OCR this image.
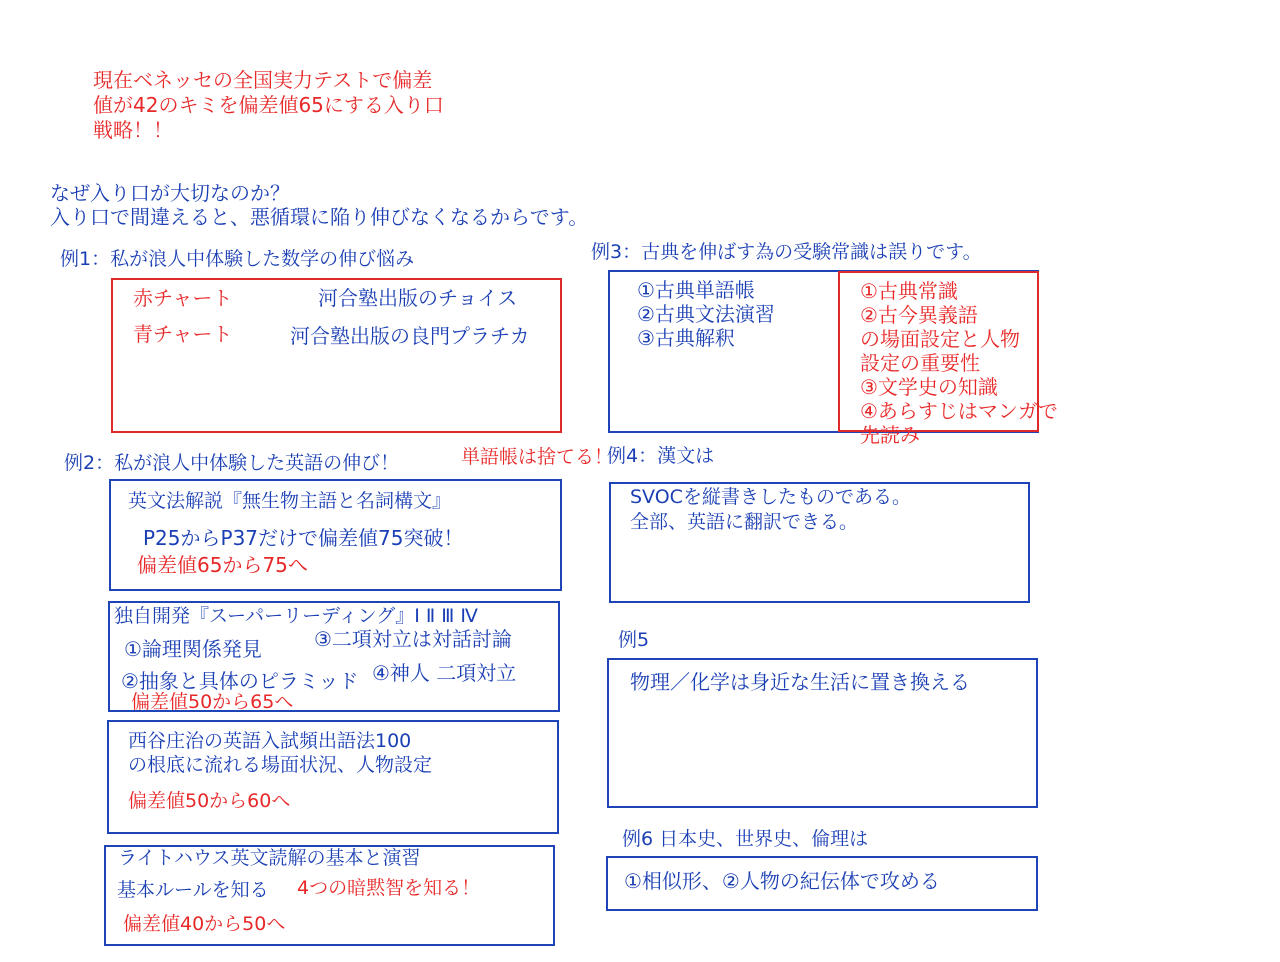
現在ベネッセの全国実力テストで偏差
値が42のキミを偏差値65にする入り口
戦略！！
なぜ入り口が大切なのか？
入り口で間違えると、悪循環に陥り伸びなくなるからです。
例1：私が浪人中体験した数学の伸び悩み
赤チャート	河合塾出版のチョイス
青チャート	河合塾出版の良門プラチカ
例2：私が浪人中体験した英語の伸び！	単語帳は捨てる！
英文法解説『無生物主語と名詞構文』
P25からP37だけで偏差値75突破！
偏差値65から75へ
独自開発『スーパーリーディング』Ⅰ Ⅱ Ⅲ Ⅳ
①論理関係発見
②抽象と具体のピラミッド
③二項対立は対話討論
④神人 二項対立
偏差値50から65へ
西谷庄治の英語入試頻出語法100
の根底に流れる場面状況、人物設定
偏差値50から60へ
ライトハウス英文読解の基本と演習
基本ルールを知る 4つの暗黙智を知る！
偏差値40から50へ
例3：古典を伸ばす為の受験常識は誤りです。
①古典単語帳
②古典文法演習
③古典解釈
①古典常識
②古今異義語
の場面設定と人物
設定の重要性
③文学史の知識
④あらすじはマンガで
先読み
例4：漢文は
SVOCを縦書きしたものである。
全部、英語に翻訳できる。
例5
物理／化学は身近な生活に置き換える
例6 日本史、世界史、倫理は
①相似形、②人物の紀伝体で攻める
